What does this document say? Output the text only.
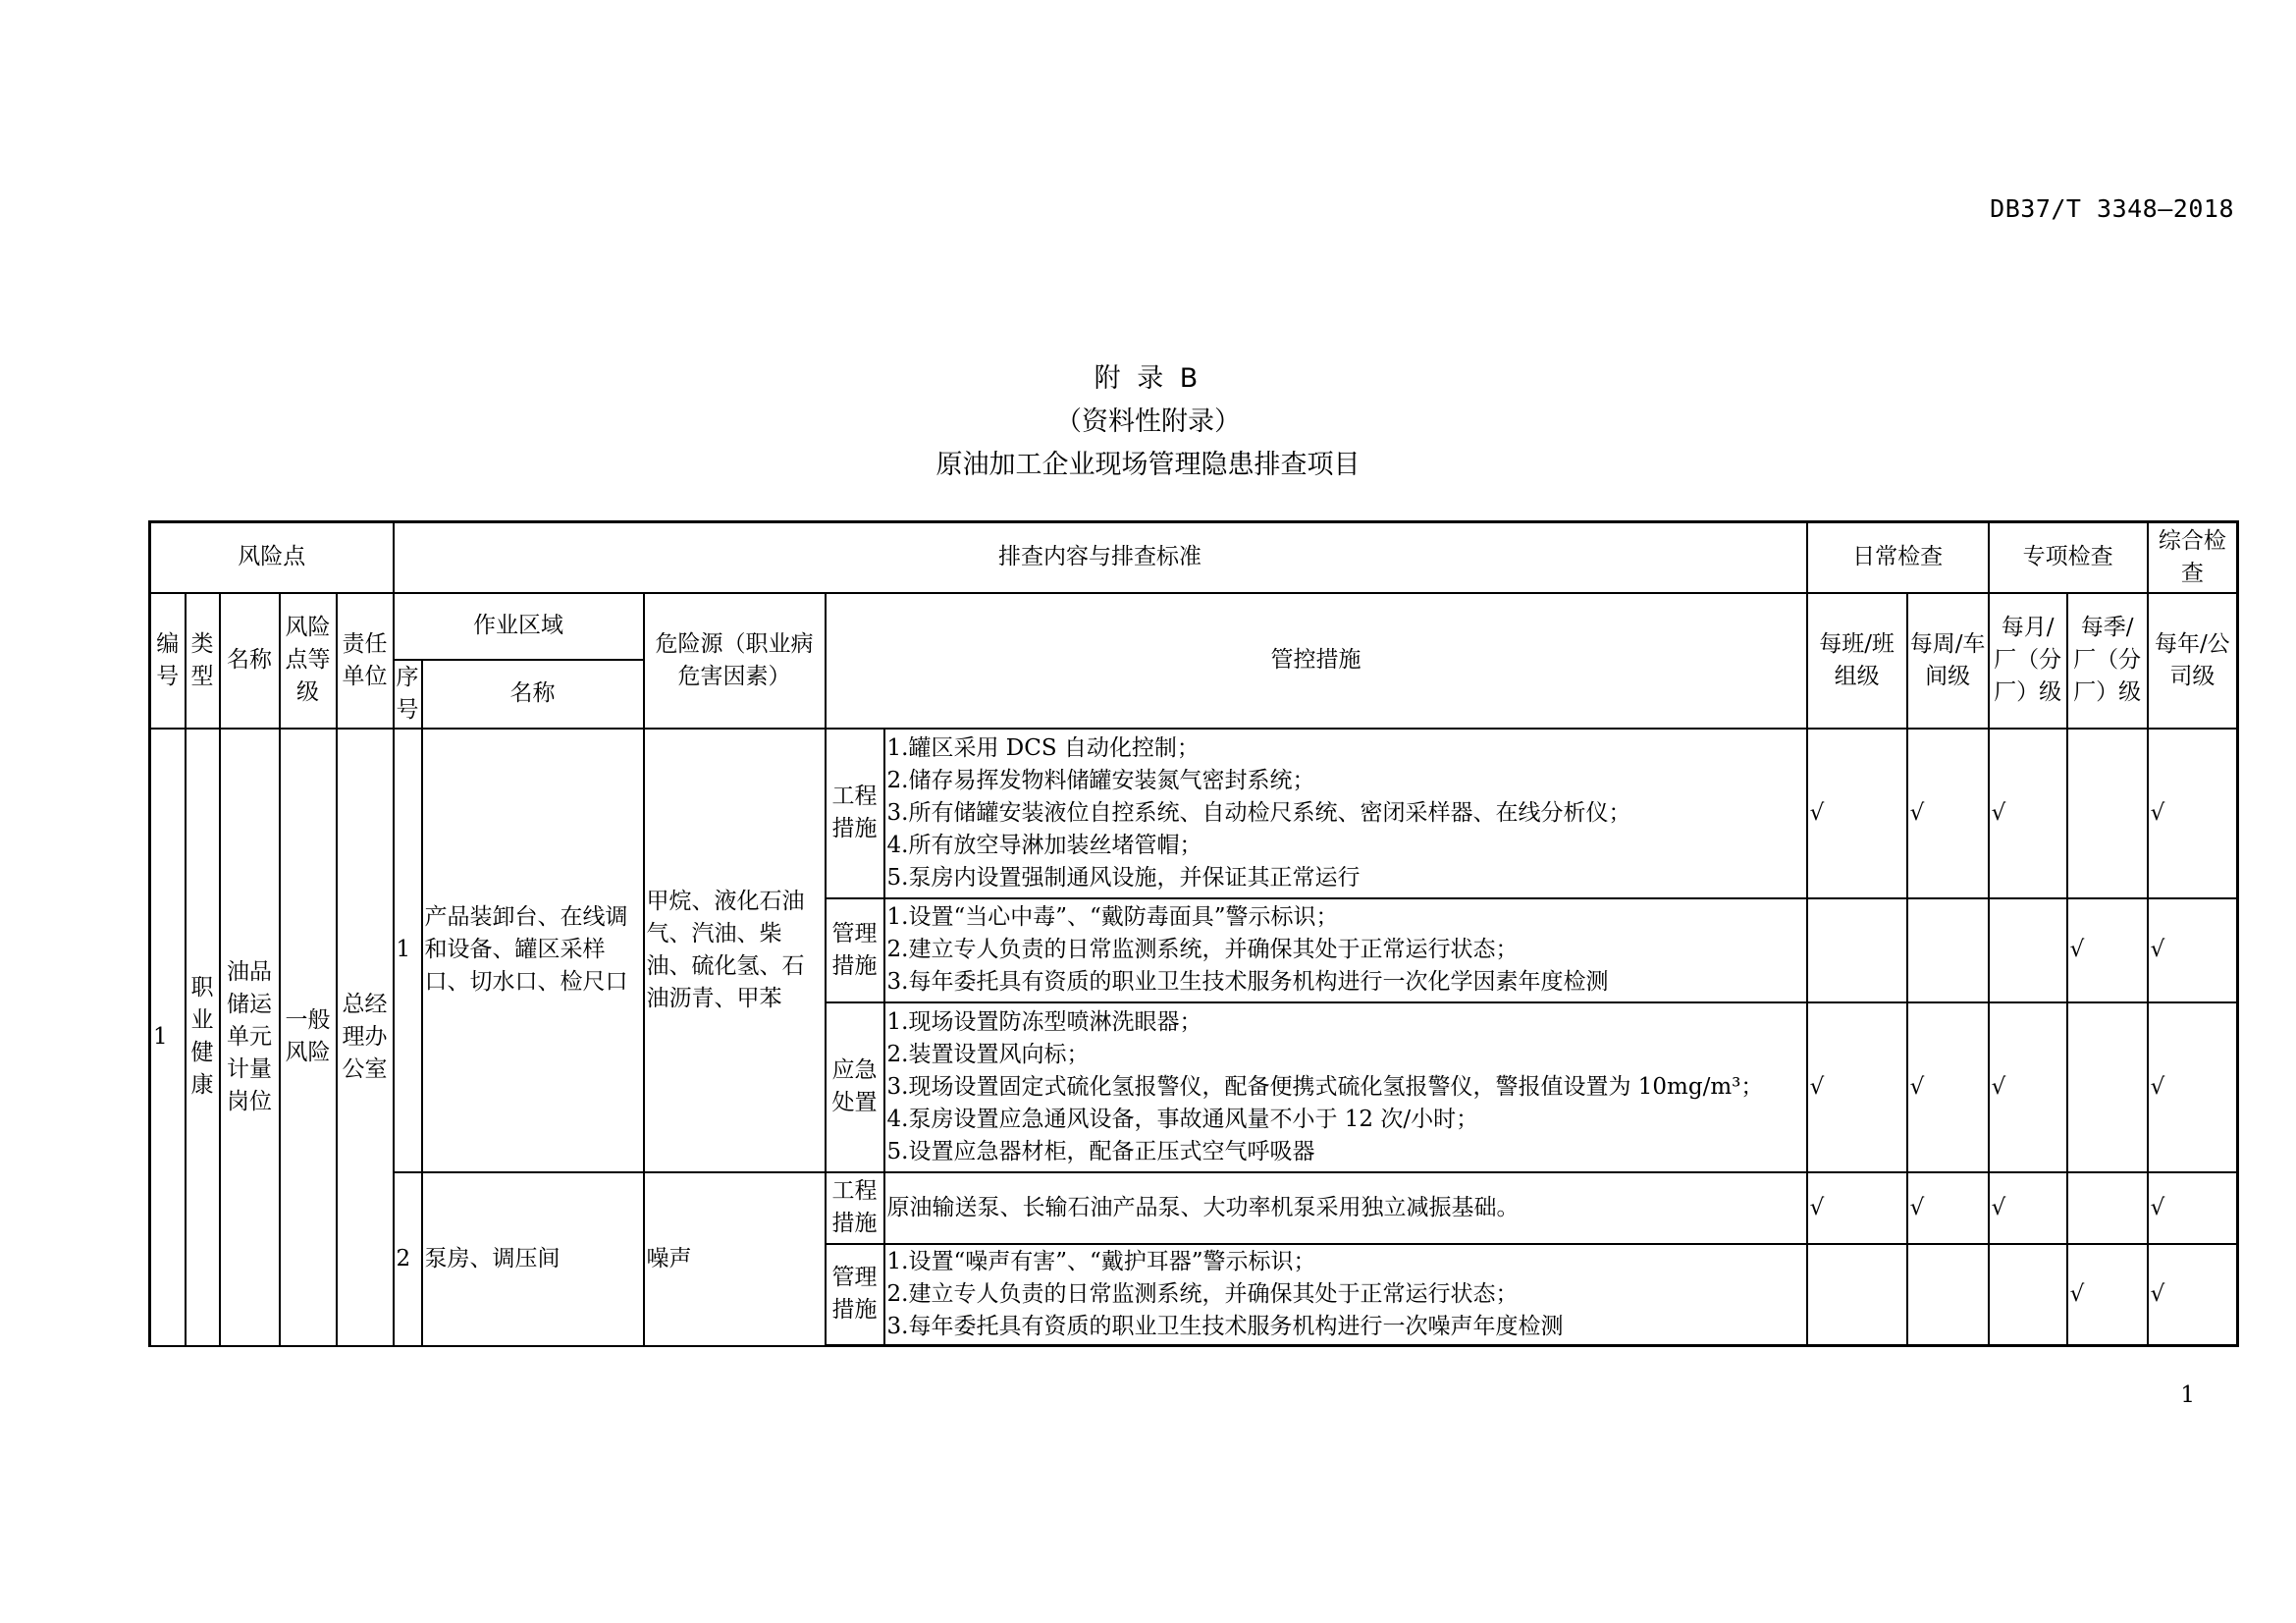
DB37/T 3348—2018
附 录 B
（资料性附录）
原油加工企业现场管理隐患排查项目
风险点					排查内容与排查标准					日常检查		专项检查		综合检查
编号	类型	名称	风险点等级	责任单位	作业区域		危险源（职业病危害因素）	管控措施		每班/班组级	每周/车间级	每月/厂（分厂）级	每季/厂（分厂）级	每年/公司级
					序号	名称								
1	职业健康	油品储运单元计量岗位	一般风险	总经理办公室	1	产品装卸台、在线调和设备、罐区采样口、切水口、检尺口	甲烷、液化石油气、汽油、柴油、硫化氢、石油沥青、甲苯	工程措施	1.罐区采用 DCS 自动化控制；
2.储存易挥发物料储罐安装氮气密封系统；
3.所有储罐安装液位自控系统、自动检尺系统、密闭采样器、在线分析仪；
4.所有放空导淋加装丝堵管帽；
5.泵房内设置强制通风设施，并保证其正常运行	√	√	√		√
								管理措施	1.设置“当心中毒”、“戴防毒面具”警示标识；
2.建立专人负责的日常监测系统，并确保其处于正常运行状态；
3.每年委托具有资质的职业卫生技术服务机构进行一次化学因素年度检测				√	√
								应急处置	1.现场设置防冻型喷淋洗眼器；
2.装置设置风向标；
3.现场设置固定式硫化氢报警仪，配备便携式硫化氢报警仪，警报值设置为 10mg/m³；
4.泵房设置应急通风设备，事故通风量不小于 12 次/小时；
5.设置应急器材柜，配备正压式空气呼吸器	√	√	√		√
					2	泵房、调压间	噪声	工程措施	原油输送泵、长输石油产品泵、大功率机泵采用独立减振基础。	√	√	√		√
								管理措施	1.设置“噪声有害”、“戴护耳器”警示标识；
2.建立专人负责的日常监测系统，并确保其处于正常运行状态；
3.每年委托具有资质的职业卫生技术服务机构进行一次噪声年度检测				√	√
1
